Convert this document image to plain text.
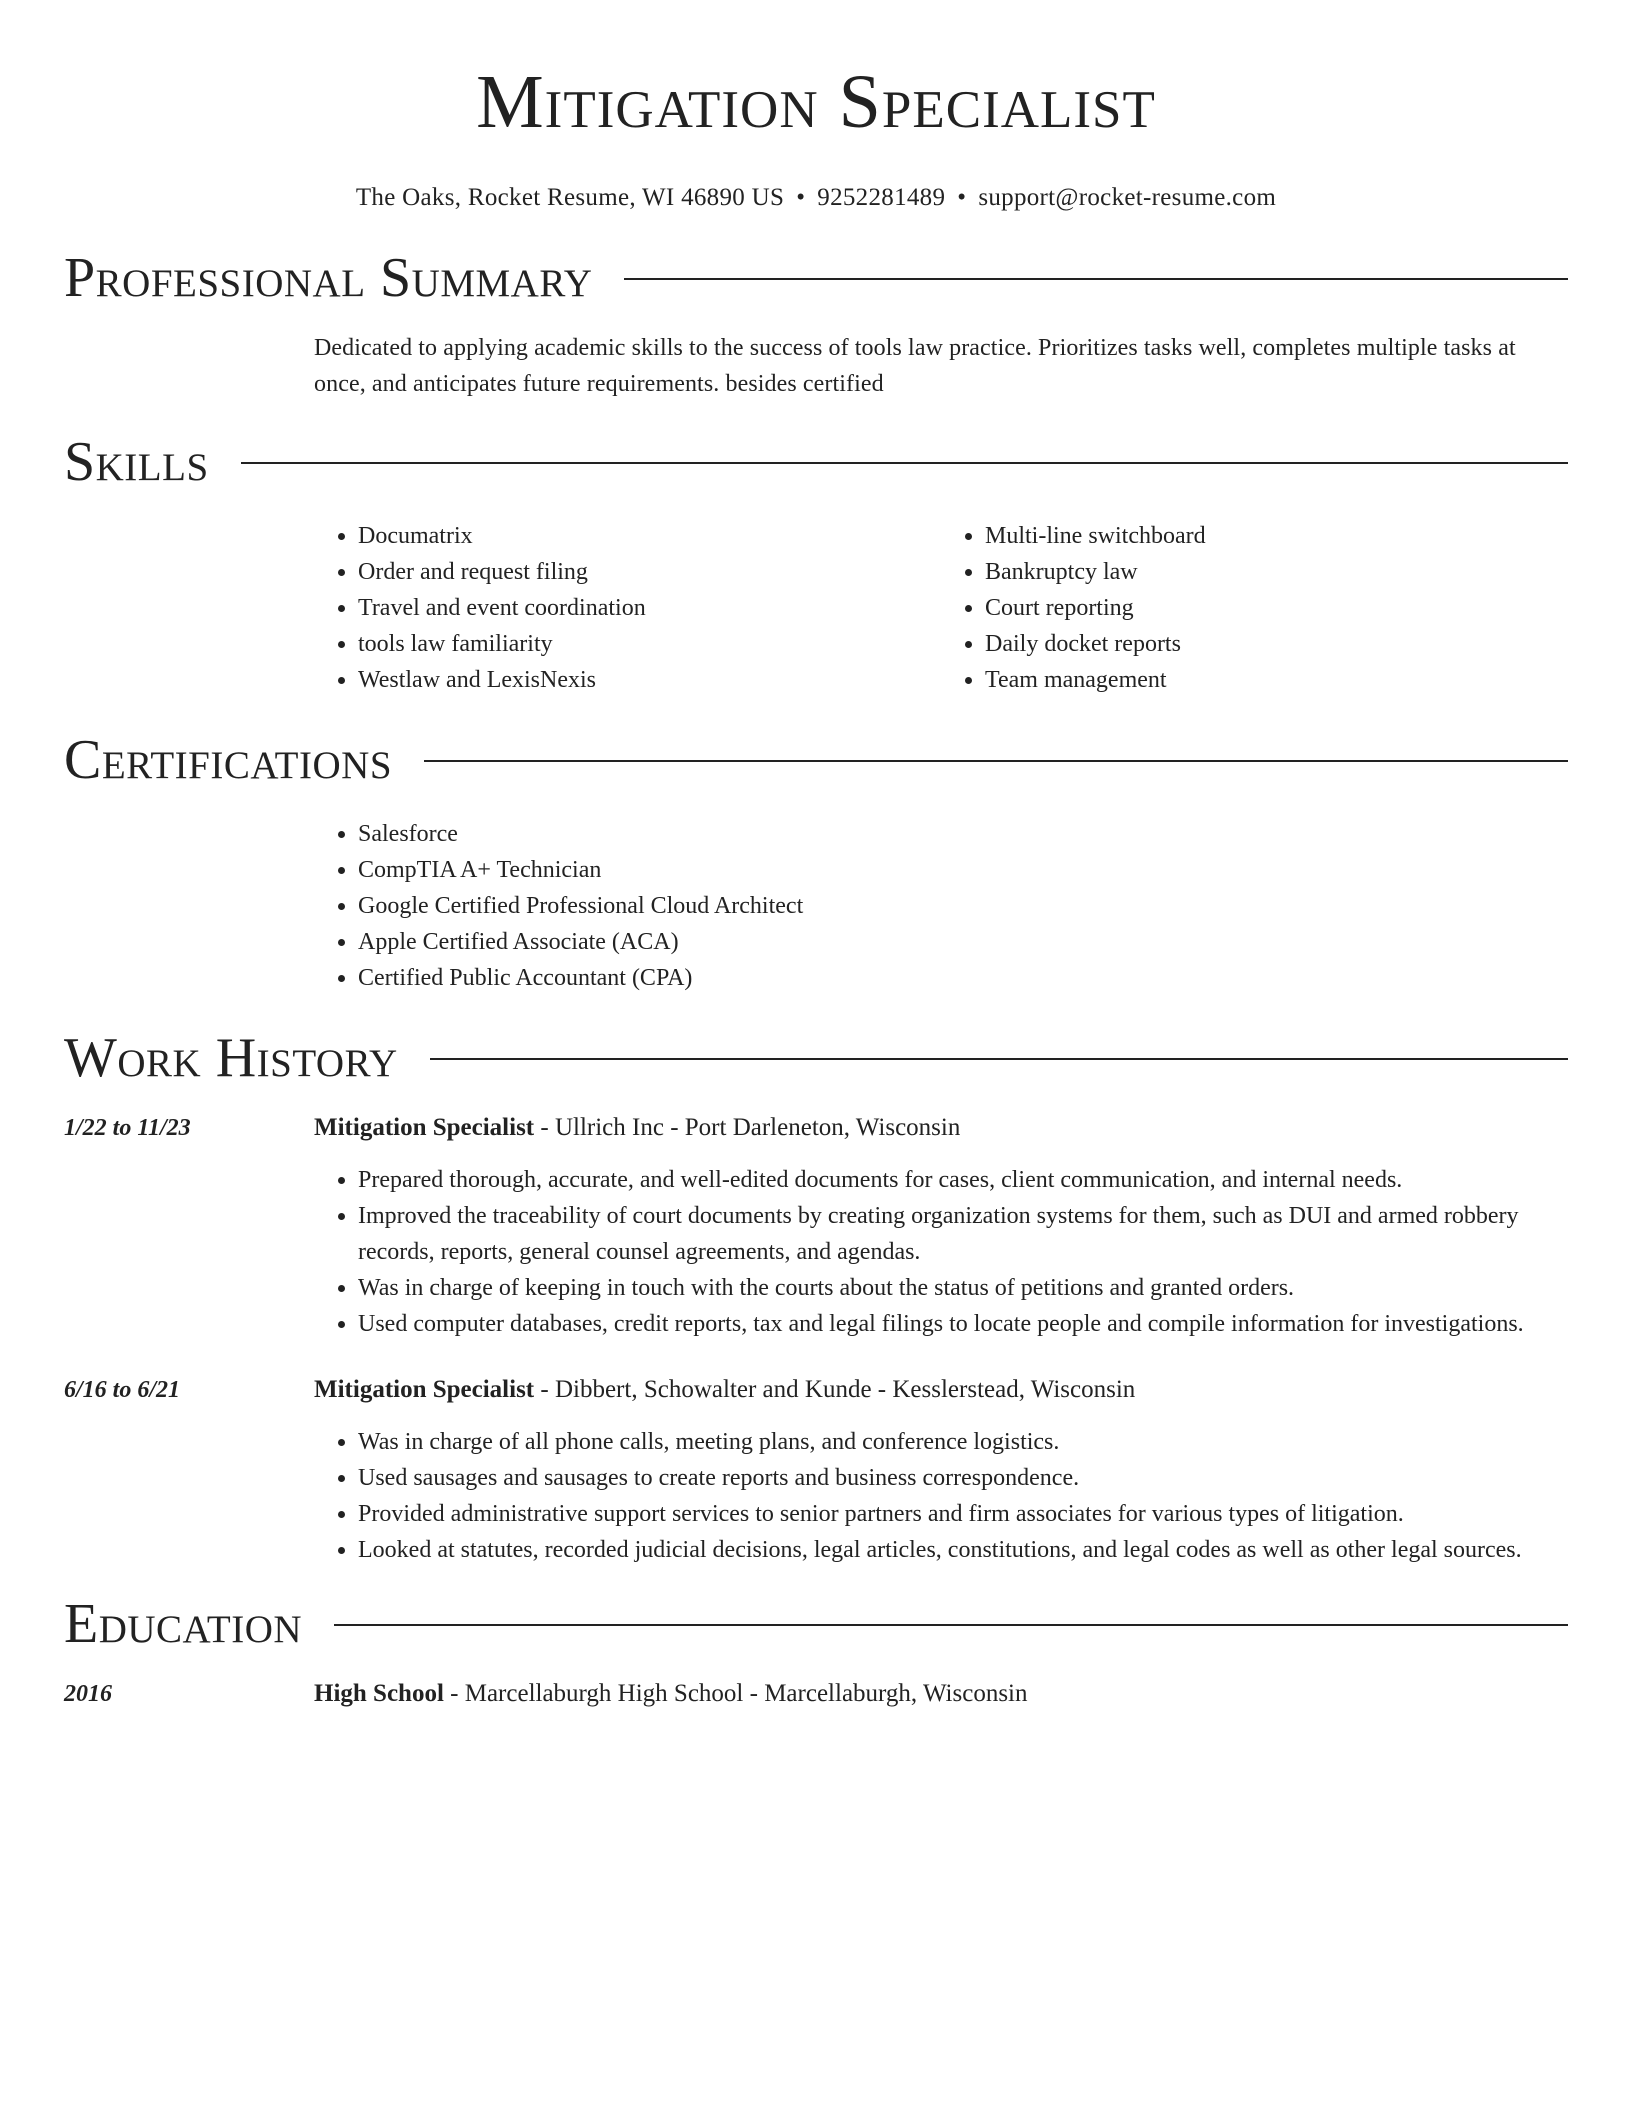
Mitigation Specialist
The Oaks, Rocket Resume, WI 46890 US • 9252281489 • support@rocket-resume.com
Professional Summary
Dedicated to applying academic skills to the success of tools law practice. Prioritizes tasks well, completes multiple tasks at once, and anticipates future requirements. besides certified
Skills
• Documatrix
• Order and request filing
• Travel and event coordination
• tools law familiarity
• Westlaw and LexisNexis
• Multi-line switchboard
• Bankruptcy law
• Court reporting
• Daily docket reports
• Team management
Certifications
• Salesforce
• CompTIA A+ Technician
• Google Certified Professional Cloud Architect
• Apple Certified Associate (ACA)
• Certified Public Accountant (CPA)
Work History
1/22 to 11/23	Mitigation Specialist - Ullrich Inc - Port Darleneton, Wisconsin
• Prepared thorough, accurate, and well-edited documents for cases, client communication, and internal needs.
• Improved the traceability of court documents by creating organization systems for them, such as DUI and armed robbery records, reports, general counsel agreements, and agendas.
• Was in charge of keeping in touch with the courts about the status of petitions and granted orders.
• Used computer databases, credit reports, tax and legal filings to locate people and compile information for investigations.
6/16 to 6/21	Mitigation Specialist - Dibbert, Schowalter and Kunde - Kesslerstead, Wisconsin
• Was in charge of all phone calls, meeting plans, and conference logistics.
• Used sausages and sausages to create reports and business correspondence.
• Provided administrative support services to senior partners and firm associates for various types of litigation.
• Looked at statutes, recorded judicial decisions, legal articles, constitutions, and legal codes as well as other legal sources.
Education
2016	High School - Marcellaburgh High School - Marcellaburgh, Wisconsin
